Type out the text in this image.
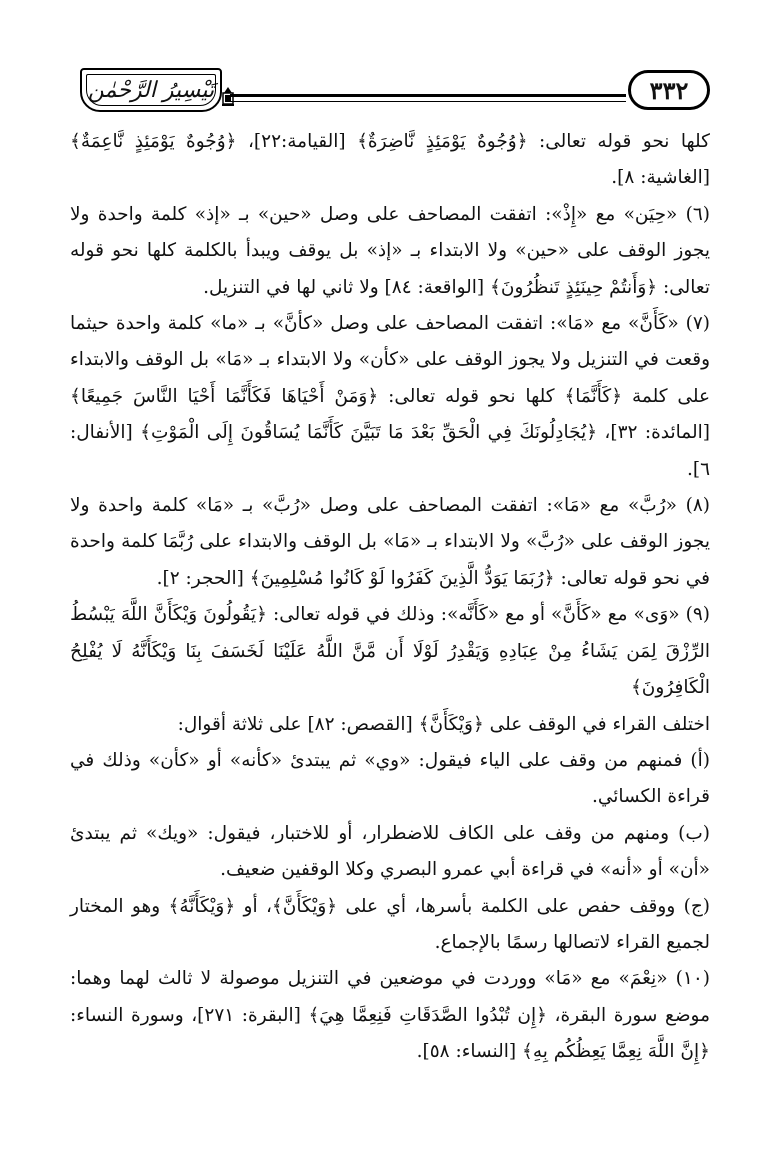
٣٣٢
تَيْسِيرُ الرَّحْمٰن

كلها نحو قوله تعالى: ﴿وُجُوهٌ يَوْمَئِذٍ نَّاضِرَةٌ﴾ [القيامة:٢٢]، ﴿وُجُوهٌ يَوْمَئِذٍ نَّاعِمَةٌ﴾ [الغاشية: ٨].

(٦) «حِيَن» مع «إِذْ»: اتفقت المصاحف على وصل «حين» بـ «إذ» كلمة واحدة ولا يجوز الوقف على «حين» ولا الابتداء بـ «إذ» بل يوقف ويبدأ بالكلمة كلها نحو قوله تعالى: ﴿وَأَنتُمْ حِينَئِذٍ تَنظُرُونَ﴾ [الواقعة: ٨٤] ولا ثاني لها في التنزيل.

(٧) «كَأَنَّ» مع «مَا»: اتفقت المصاحف على وصل «كأنَّ» بـ «ما» كلمة واحدة حيثما وقعت في التنزيل ولا يجوز الوقف على «كأن» ولا الابتداء بـ «مَا» بل الوقف والابتداء على كلمة ﴿كَأَنَّمَا﴾ كلها نحو قوله تعالى: ﴿وَمَنْ أَحْيَاهَا فَكَأَنَّمَا أَحْيَا النَّاسَ جَمِيعًا﴾ [المائدة: ٣٢]، ﴿يُجَادِلُونَكَ فِي الْحَقِّ بَعْدَ مَا تَبَيَّنَ كَأَنَّمَا يُسَاقُونَ إِلَى الْمَوْتِ﴾ [الأنفال: ٦].

(٨) «رُبَّ» مع «مَا»: اتفقت المصاحف على وصل «رُبَّ» بـ «مَا» كلمة واحدة ولا يجوز الوقف على «رُبَّ» ولا الابتداء بـ «مَا» بل الوقف والابتداء على رُبَّمَا كلمة واحدة في نحو قوله تعالى: ﴿رُبَمَا يَوَدُّ الَّذِينَ كَفَرُوا لَوْ كَانُوا مُسْلِمِينَ﴾ [الحجر: ٢].

(٩) «وَى» مع «كَأَنَّ» أو مع «كَأَنَّه»: وذلك في قوله تعالى: ﴿يَقُولُونَ وَيْكَأَنَّ اللَّهَ يَبْسُطُ الرِّزْقَ لِمَن يَشَاءُ مِنْ عِبَادِهِ وَيَقْدِرُ لَوْلَا أَن مَّنَّ اللَّهُ عَلَيْنَا لَخَسَفَ بِنَا وَيْكَأَنَّهُ لَا يُفْلِحُ الْكَافِرُونَ﴾

اختلف القراء في الوقف على ﴿وَيْكَأَنَّ﴾ [القصص: ٨٢] على ثلاثة أقوال:

(أ) فمنهم من وقف على الياء فيقول: «وي» ثم يبتدئ «كأنه» أو «كأن» وذلك في قراءة الكسائي.

(ب) ومنهم من وقف على الكاف للاضطرار، أو للاختبار، فيقول: «ويك» ثم يبتدئ «أن» أو «أنه» في قراءة أبي عمرو البصري وكلا الوقفين ضعيف.

(ج) ووقف حفص على الكلمة بأسرها، أي على ﴿وَيْكَأَنَّ﴾، أو ﴿وَيْكَأَنَّهُ﴾ وهو المختار لجميع القراء لاتصالها رسمًا بالإجماع.

(١٠) «نِعْمَ» مع «مَا» ووردت في موضعين في التنزيل موصولة لا ثالث لهما وهما: موضع سورة البقرة، ﴿إِن تُبْدُوا الصَّدَقَاتِ فَنِعِمَّا هِيَ﴾ [البقرة: ٢٧١]، وسورة النساء: ﴿إِنَّ اللَّهَ نِعِمَّا يَعِظُكُم بِهِ﴾ [النساء: ٥٨].
